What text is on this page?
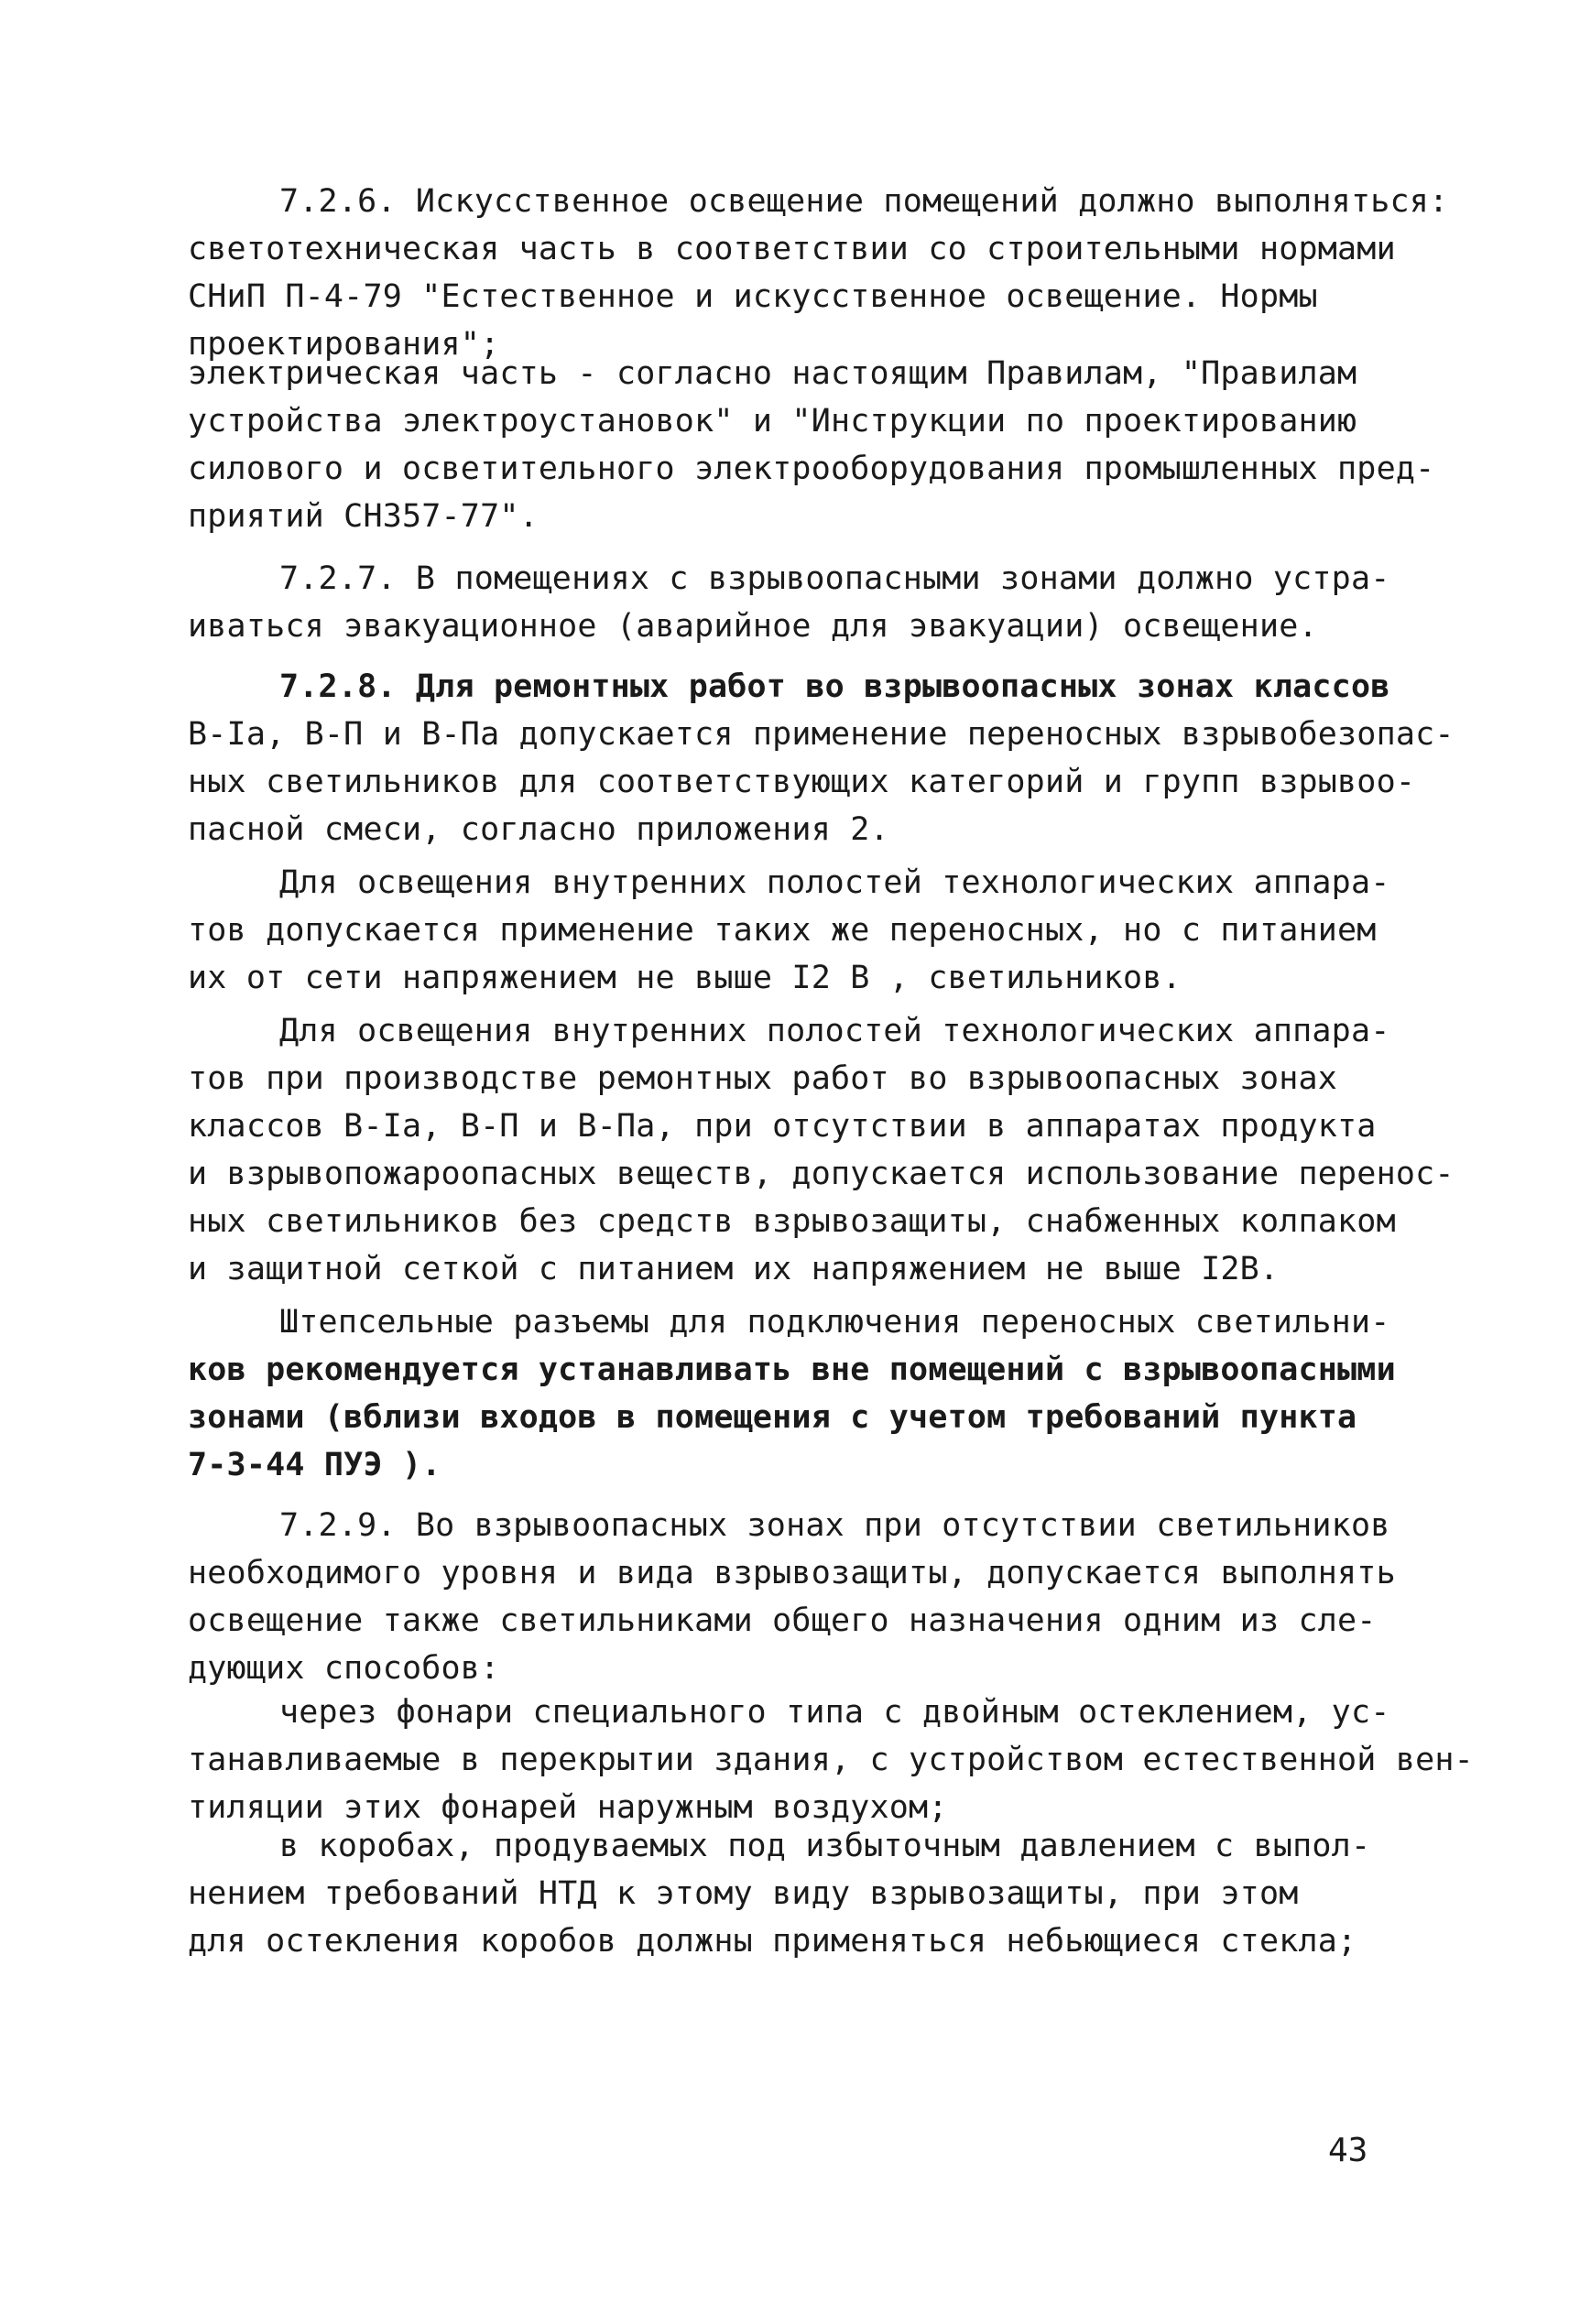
7.2.6. Искусственное освещение помещений должно выполняться:
светотехническая часть в соответствии со строительными нормами
СНиП П-4-79 "Естественное и искусственное освещение. Нормы
проектирования";
электрическая часть - согласно настоящим Правилам, "Правилам
устройства электроустановок" и "Инструкции по проектированию
силового и осветительного электрооборудования промышленных пред-
приятий СН357-77".
7.2.7. В помещениях с взрывоопасными зонами должно устра-
иваться эвакуационное (аварийное для эвакуации) освещение.
7.2.8. Для ремонтных работ во взрывоопасных зонах классов
В-Iа, В-П и В-Па допускается применение переносных взрывобезопас-
ных светильников для соответствующих категорий и групп взрывоо-
пасной смеси, согласно приложения 2.
Для освещения внутренних полостей технологических аппара-
тов допускается применение таких же переносных, но с питанием
их от сети напряжением не выше I2 В , светильников.
Для освещения внутренних полостей технологических аппара-
тов при производстве ремонтных работ во взрывоопасных зонах
классов В-Iа, В-П и В-Па, при отсутствии в аппаратах продукта
и взрывопожароопасных веществ, допускается использование перенос-
ных светильников без средств взрывозащиты, снабженных колпаком
и защитной сеткой с питанием их напряжением не выше I2В.
Штепсельные разъемы для подключения переносных светильни-
ков рекомендуется устанавливать вне помещений с взрывоопасными
зонами (вблизи входов в помещения с учетом требований пункта
7-3-44 ПУЭ ).
7.2.9. Во взрывоопасных зонах при отсутствии светильников
необходимого уровня и вида взрывозащиты, допускается выполнять
освещение также светильниками общего назначения одним из сле-
дующих способов:
через фонари специального типа с двойным остеклением, ус-
танавливаемые в перекрытии здания, с устройством естественной вен-
тиляции этих фонарей наружным воздухом;
в коробах, продуваемых под избыточным давлением с выпол-
нением требований НТД к этому виду взрывозащиты, при этом
для остекления коробов должны применяться небьющиеся стекла;
43
